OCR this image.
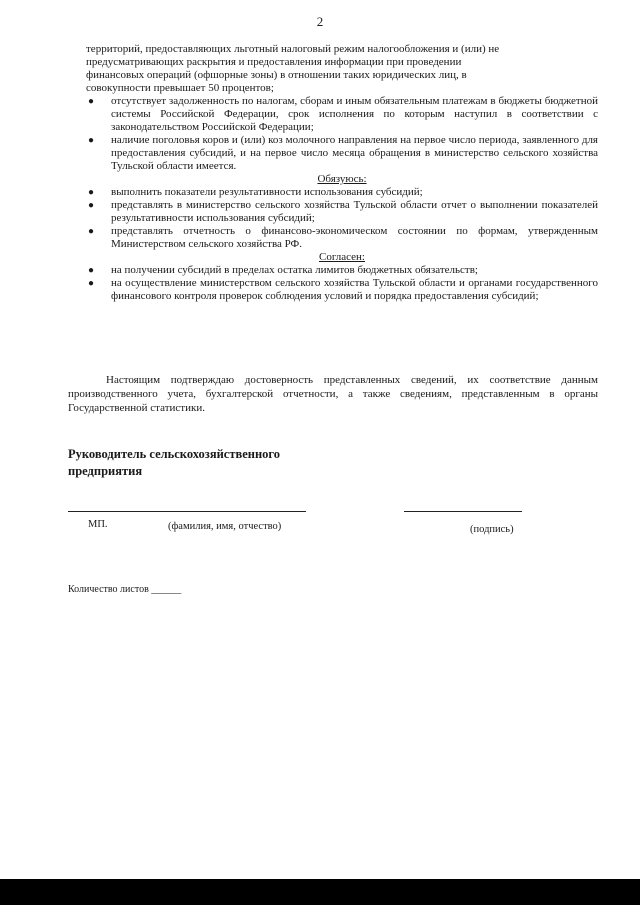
2
территорий, предоставляющих льготный налоговый режим налогообложения и (или) не
предусматривающих раскрытия и предоставления информации при проведении
финансовых операций (офшорные зоны) в отношении таких юридических лиц, в
совокупности превышает 50 процентов;
● отсутствует задолженность по налогам, сборам и иным обязательным платежам в бюджеты бюджетной системы Российской Федерации, срок исполнения по которым наступил в соответствии с законодательством Российской Федерации;
● наличие поголовья коров и (или) коз молочного направления на первое число периода, заявленного для предоставления субсидий, и на первое число месяца обращения в министерство сельского хозяйства Тульской области имеется.
Обязуюсь:
● выполнить показатели результативности использования субсидий;
● представлять в министерство сельского хозяйства Тульской области отчет о выполнении показателей результативности использования субсидий;
● представлять отчетность о финансово-экономическом состоянии по формам, утвержденным Министерством сельского хозяйства РФ.
Согласен:
● на получении субсидий в пределах остатка лимитов бюджетных обязательств;
● на осуществление министерством сельского хозяйства Тульской области и органами государственного финансового контроля проверок соблюдения условий и порядка предоставления субсидий;
Настоящим подтверждаю достоверность представленных сведений, их соответствие данным производственного учета, бухгалтерской отчетности, а также сведениям, представленным в органы Государственной статистики.
Руководитель сельскохозяйственного
предприятия
МП.	(фамилия, имя, отчество)	(подпись)
Количество листов ______
